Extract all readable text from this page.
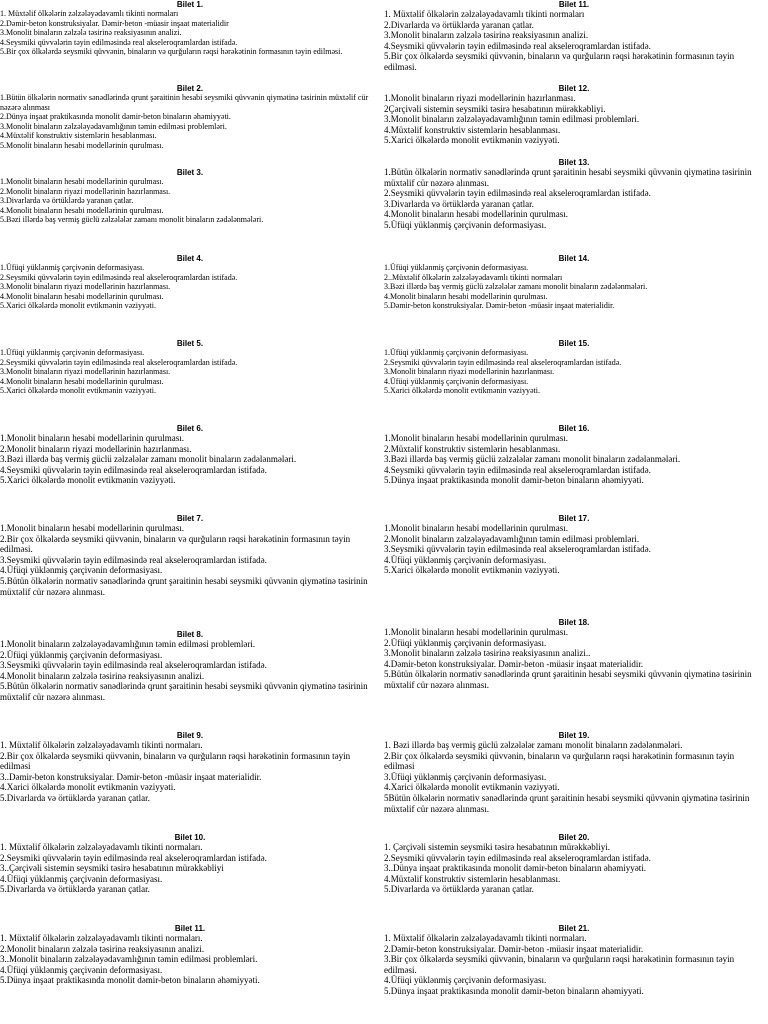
Bilet 1.

1. Müxtəlif ölkələrin zəlzələyədavamlı tikinti normaları

2.Dəmir-beton konstruksiyalar. Dəmir-beton -müasir inşaat materialidir

3.Monolit binaların zəlzələ təsirinə reaksiyasının analizi.

4.Seysmiki qüvvələrin təyin edilməsində real akseleroqramlardan istifadə.

5.Bir çox ölkələrdə seysmiki qüvvənin, binaların və qurğuların rəqsi hərəkətinin formasının təyin edilməsi.

Bilet 2.

1.Bütün ölkələrin normativ sənədlərində qrunt şəraitinin hesabi seysmiki qüvvənin qiymətinə təsirinin müxtəlif cür nəzərə alınması

2.Dünya inşaat praktikasında monolit dəmir-beton binaların əhəmiyyəti.

3.Monolit binaların zəlzələyədavamlığının təmin edilməsi problemləri.

4.Müxtəlif konstruktiv sistemlərin hesablanması.

5.Monolit binaların hesabi modellərinin qurulması.

Bilet 3.

1.Monolit binaların hesabi modellərinin qurulması.

2.Monolit binaların riyazi modellərinin hazırlanması.

3.Divarlarda və örtüklərdə yaranan çatlar.

4.Monolit binaların hesabi modellərinin qurulması.

5.Bəzi illərdə baş vermiş güclü zəlzələlər zamanı monolit binaların zədələnmələri.

Bilet 4.

1.Üfüqi yüklənmiş çərçivənin deformasiyası.

2.Seysmiki qüvvələrin təyin edilməsində real akseleroqramlardan istifadə.

3.Monolit binaların riyazi modellərinin hazırlanması.

4.Monolit binaların hesabi modellərinin qurulması.

5.Xarici ölkələrdə monolit evtikmənin vəziyyəti.

Bilet 5.

1.Üfüqi yüklənmiş çərçivənin deformasiyası.

2.Seysmiki qüvvələrin təyin edilməsində real akseleroqramlardan istifadə.

3.Monolit binaların riyazi modellərinin hazırlanması.

4.Monolit binaların hesabi modellərinin qurulması.

5.Xarici ölkələrdə monolit evtikmənin vəziyyəti.

Bilet 6.

1.Monolit binaların hesabi modellərinin qurulması.

2.Monolit binaların riyazi modellərinin hazırlanması.

3.Bəzi illərdə baş vermiş güclü zəlzələlər zamanı monolit binaların zədələnmələri.

4.Seysmiki qüvvələrin təyin edilməsində real akseleroqramlardan istifadə.

5.Xarici ölkələrdə monolit evtikmənin vəziyyəti.

Bilet 7.

1.Monolit binaların hesabi modellərinin qurulması.

2.Bir çox ölkələrdə seysmiki qüvvənin, binaların və qurğuların rəqsi hərəkətinin formasının təyin edilməsi.

3.Seysmiki qüvvələrin təyin edilməsində real akseleroqramlardan istifadə.

4.Üfüqi yüklənmiş çərçivənin deformasiyası.

5.Bütün ölkələrin normativ sənədlərində qrunt şəraitinin hesabi seysmiki qüvvənin qiymətinə təsirinin müxtəlif cür nəzərə alınması.

Bilet 8.

1.Monolit binaların zəlzələyədavamlığının təmin edilməsi problemləri.

2.Üfüqi yüklənmiş çərçivənin deformasiyası.

3.Seysmiki qüvvələrin təyin edilməsində real akseleroqramlardan istifadə.

4.Monolit binaların zəlzələ təsirinə reaksiyasının analizi.

5.Bütün ölkələrin normativ sənədlərində qrunt şəraitinin hesabi seysmiki qüvvənin qiymətinə təsirinin müxtəlif cür nəzərə alınması.

Bilet 9.

1. Müxtəlif ölkələrin zəlzələyədavamlı tikinti normaları.

2.Bir çox ölkələrdə seysmiki qüvvənin, binaların və qurğuların rəqsi hərəkətinin formasının təyin edilməsi

3..Dəmir-beton konstruksiyalar. Dəmir-beton -müasir inşaat materialidir.

4.Xarici ölkələrdə monolit evtikmənin vəziyyəti.

5.Divarlarda və örtüklərdə yaranan çatlar.

Bilet 10.

1. Müxtəlif ölkələrin zəlzələyədavamlı tikinti normaları.

2.Seysmiki qüvvələrin təyin edilməsində real akseleroqramlardan istifadə.

3..Çərçivəli sistemin seysmiki təsirə hesabatının mürəkkəbliyi

4.Üfüqi yüklənmiş çərçivənin deformasiyası.

5.Divarlarda və örtüklərdə yaranan çatlar.

Bilet 11.

1. Müxtəlif ölkələrin zəlzələyədavamlı tikinti normaları.

2.Monolit binaların zəlzələ təsirinə reaksiyasının analizi.

3..Monolit binaların zəlzələyədavamlığının təmin edilməsi problemləri.

4.Üfüqi yüklənmiş çərçivənin deformasiyası.

5.Dünya inşaat praktikasında monolit dəmir-beton binaların əhəmiyyəti.

Bilet 11.

1. Müxtəlif ölkələrin zəlzələyədavamlı tikinti normaları

2.Divarlarda və örtüklərdə yaranan çatlar.

3.Monolit binaların zəlzələ təsirinə reaksiyasının analizi.

4.Seysmiki qüvvələrin təyin edilməsində real akseleroqramlardan istifadə.

5.Bir çox ölkələrdə seysmiki qüvvənin, binaların və qurğuların rəqsi hərəkətinin formasının təyin edilməsi.

Bilet 12.

1.Monolit binaların riyazi modellərinin hazırlanması.

2Çərçivəli sistemin seysmiki təsirə hesabatının mürəkkəbliyi.

3.Monolit binaların zəlzələyədavamlığının təmin edilməsi problemləri.

4.Müxtəlif konstruktiv sistemlərin hesablanması.

5.Xarici ölkələrdə monolit evtikmənin vəziyyəti.

Bilet 13.

1.Bütün ölkələrin normativ sənədlərində qrunt şəraitinin hesabi seysmiki qüvvənin qiymətinə təsirinin müxtəlif cür nəzərə alınması.

2.Seysmiki qüvvələrin təyin edilməsində real akseleroqramlardan istifadə.

3.Divarlarda və örtüklərdə yaranan çatlar.

4.Monolit binaların hesabi modellərinin qurulması.

5.Üfüqi yüklənmiş çərçivənin deformasiyası.

Bilet 14.

1.Üfüqi yüklənmiş çərçivənin deformasiyası.

2..Müxtəlif ölkələrin zəlzələyədavamlı tikinti normaları

3.Bəzi illərdə baş vermiş güclü zəlzələlər zamanı monolit binaların zədələnmələri.

4.Monolit binaların hesabi modellərinin qurulması.

5.Dəmir-beton konstruksiyalar. Dəmir-beton -müasir inşaat materialidir.

Bilet 15.

1.Üfüqi yüklənmiş çərçivənin deformasiyası.

2.Seysmiki qüvvələrin təyin edilməsində real akseleroqramlardan istifadə.

3.Monolit binaların riyazi modellərinin hazırlanması.

4.Üfüqi yüklənmiş çərçivənin deformasiyası.

5.Xarici ölkələrdə monolit evtikmənin vəziyyəti.

Bilet 16.

1.Monolit binaların hesabi modellərinin qurulması.

2.Müxtəlif konstruktiv sistemlərin hesablanması.

3.Bəzi illərdə baş vermiş güclü zəlzələlər zamanı monolit binaların zədələnmələri.

4.Seysmiki qüvvələrin təyin edilməsində real akseleroqramlardan istifadə.

5.Dünya inşaat praktikasında monolit dəmir-beton binaların əhəmiyyəti.

Bilet 17.

1.Monolit binaların hesabi modellərinin qurulması.

2.Monolit binaların zəlzələyədavamlığının təmin edilməsi problemləri.

3.Seysmiki qüvvələrin təyin edilməsində real akseleroqramlardan istifadə.

4.Üfüqi yüklənmiş çərçivənin deformasiyası.

5.Xarici ölkələrdə monolit evtikmənin vəziyyəti.

Bilet 18.

1.Monolit binaların hesabi modellərinin qurulması.

2.Üfüqi yüklənmiş çərçivənin deformasiyası.

3.Monolit binaların zəlzələ təsirinə reaksiyasının analizi..

4.Dəmir-beton konstruksiyalar. Dəmir-beton -müasir inşaat materialidir.

5.Bütün ölkələrin normativ sənədlərində qrunt şəraitinin hesabi seysmiki qüvvənin qiymətinə təsirinin müxtəlif cür nəzərə alınması.

Bilet 19.

1. Bəzi illərdə baş vermiş güclü zəlzələlər zamanı monolit binaların zədələnmələri.

2.Bir çox ölkələrdə seysmiki qüvvənin, binaların və qurğuların rəqsi hərəkətinin formasının təyin edilməsi

3.Üfüqi yüklənmiş çərçivənin deformasiyası.

4.Xarici ölkələrdə monolit evtikmənin vəziyyəti.

5Bütün ölkələrin normativ sənədlərində qrunt şəraitinin hesabi seysmiki qüvvənin qiymətinə təsirinin müxtəlif cür nəzərə alınması.

Bilet 20.

1. Çərçivəli sistemin seysmiki təsirə hesabatının mürəkkəbliyi.

2.Seysmiki qüvvələrin təyin edilməsində real akseleroqramlardan istifadə.

3..Dünya inşaat praktikasında monolit dəmir-beton binaların əhəmiyyəti.

4.Müxtəlif konstruktiv sistemlərin hesablanması.

5.Divarlarda və örtüklərdə yaranan çatlar.

Bilet 21.

1. Müxtəlif ölkələrin zəlzələyədavamlı tikinti normaları.

2.Dəmir-beton konstruksiyalar. Dəmir-beton -müasir inşaat materialidir.

3.Bir çox ölkələrdə seysmiki qüvvənin, binaların və qurğuların rəqsi hərəkətinin formasının təyin edilməsi.

4.Üfüqi yüklənmiş çərçivənin deformasiyası.

5.Dünya inşaat praktikasında monolit dəmir-beton binaların əhəmiyyəti.
